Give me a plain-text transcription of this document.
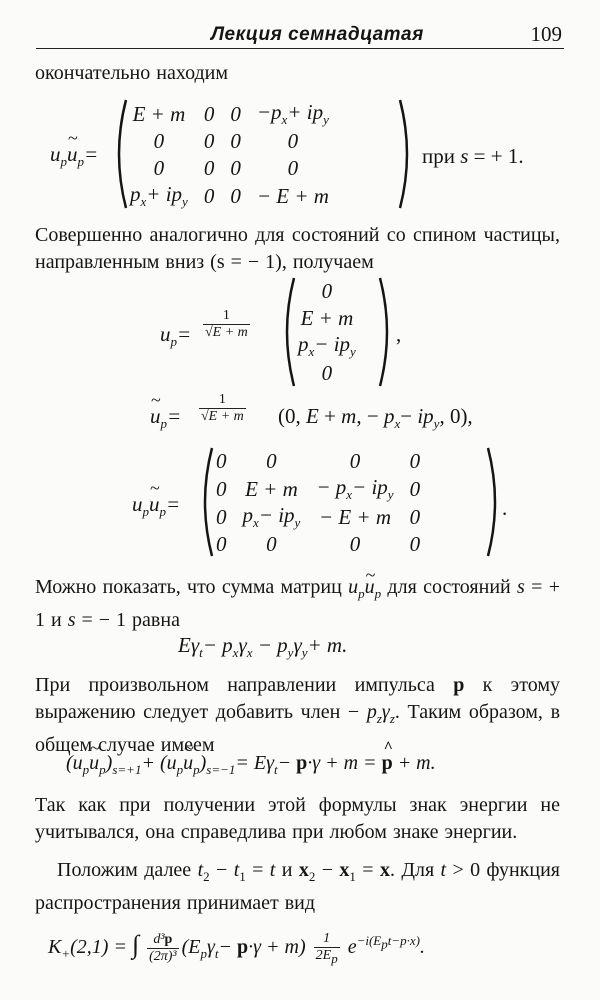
Лекция семнадцатая	109
окончательно находим
$u_p\sim$ $u_p=$
E + m	0	0	$-p_x+ ip_y$
0	0	0	0
0	0	0	0
$p_x+ ip_y$	0	0	− E + m
при s = + 1.
Совершенно аналогично для состояний со спином частицы, направленным вниз (s = − 1), получаем
$u_p= \frac{1}{√E + m}$
0
E + m
$p_x- ip_y$
0
,
~ $u_p= \frac{1}{√E + m} (0$, E + m, − $p_x- ip_y$, 0),
$u_p\sim$ $u_p=$
0	0	0	0
0	E + m	− $p_x- ip_y$	0
0	$p_x- ip_y$	− E + m	0
0	0	0	0
.
Можно показать, что сумма матриц $u_p\sim$ $u_p$ для состояний s = + 1 и s = − 1 равна
$E\gamma_t- p_x\gamma_x - p_y\gamma_y+ m$.
При произвольном направлении импульса p к этому выражению следует добавить член − $p_z\gamma_z$. Таким образом, в общем случае имеем
($u_p\sim$ $u_p)_{s=+1}+$ ($u_p\sim$ $u_p)_{s=-1}= E\gamma_t- p\cdot\gamma + m$ = ^ p + m.
Так как при получении этой формулы знак энергии не учитывался, она справедлива при любом знаке энергии.
Положим далее $t_2 - t_1 = t$ и $x_2 - x_1 = x$. Для t > 0 функция распространения принимает вид
$K_+(2,1)$ = ∫ $\frac{\text{d³p}}{\text{(2π)³}} (E_p\gamma_t- p\cdot\gamma + m) \frac{1}{2E_p} e^{-i(E_pt-p\cdot x)}$.
